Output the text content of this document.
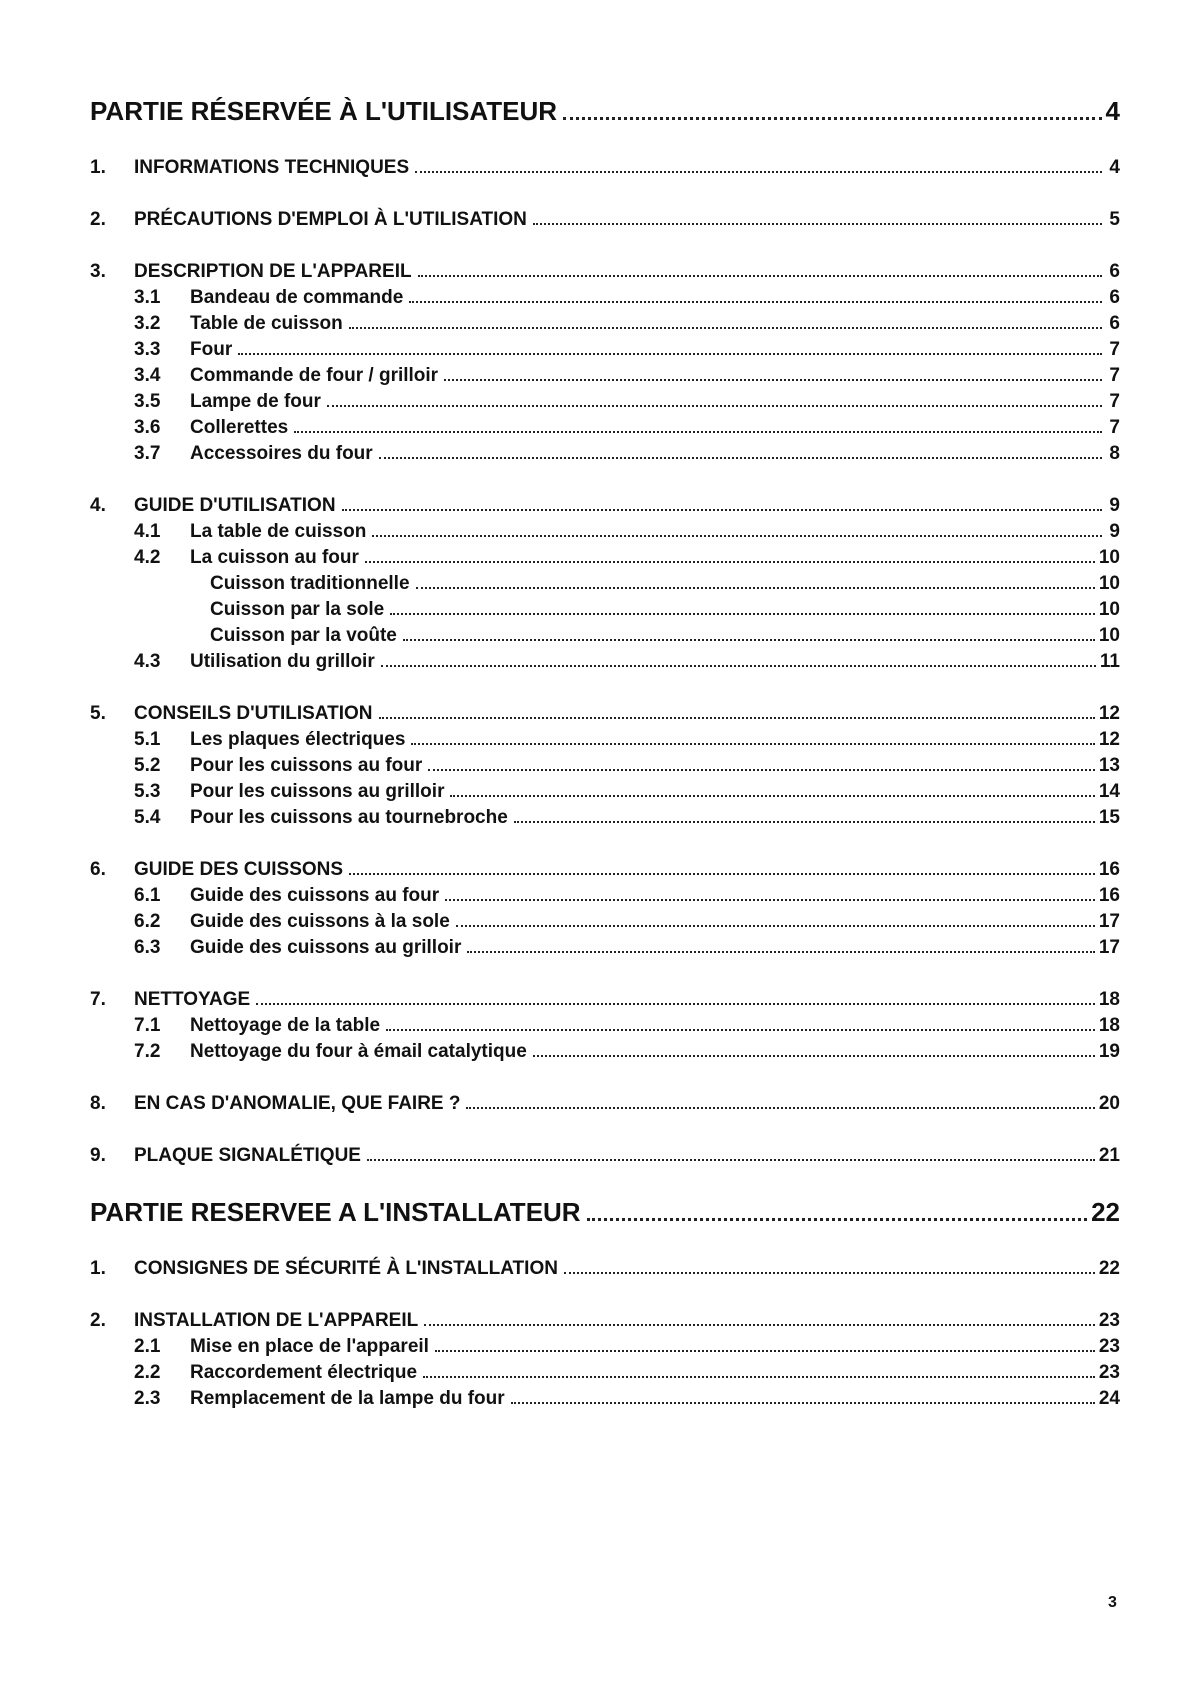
PARTIE RÉSERVÉE À L'UTILISATEUR	4
1.	INFORMATIONS TECHNIQUES	4
2.	PRÉCAUTIONS D'EMPLOI À L'UTILISATION	5
3.	DESCRIPTION DE L'APPAREIL	6
3.1	Bandeau de commande	6
3.2	Table de cuisson	6
3.3	Four	7
3.4	Commande de four / grilloir	7
3.5	Lampe de four	7
3.6	Collerettes	7
3.7	Accessoires du four	8
4.	GUIDE D'UTILISATION	9
4.1	La table de cuisson	9
4.2	La cuisson au four	10
Cuisson traditionnelle	10
Cuisson par la sole	10
Cuisson par la voûte	10
4.3	Utilisation du grilloir	11
5.	CONSEILS D'UTILISATION	12
5.1	Les plaques électriques	12
5.2	Pour les cuissons au four	13
5.3	Pour les cuissons au grilloir	14
5.4	Pour les cuissons au tournebroche	15
6.	GUIDE DES CUISSONS	16
6.1	Guide des cuissons au four	16
6.2	Guide des cuissons à la sole	17
6.3	Guide des cuissons au grilloir	17
7.	NETTOYAGE	18
7.1	Nettoyage de la table	18
7.2	Nettoyage du four à émail catalytique	19
8.	EN CAS D'ANOMALIE, QUE FAIRE ?	20
9.	PLAQUE SIGNALÉTIQUE	21
PARTIE RESERVEE A L'INSTALLATEUR	22
1.	CONSIGNES DE SÉCURITÉ À L'INSTALLATION	22
2.	INSTALLATION DE L'APPAREIL	23
2.1	Mise en place de l'appareil	23
2.2	Raccordement électrique	23
2.3	Remplacement de la lampe du four	24
3
